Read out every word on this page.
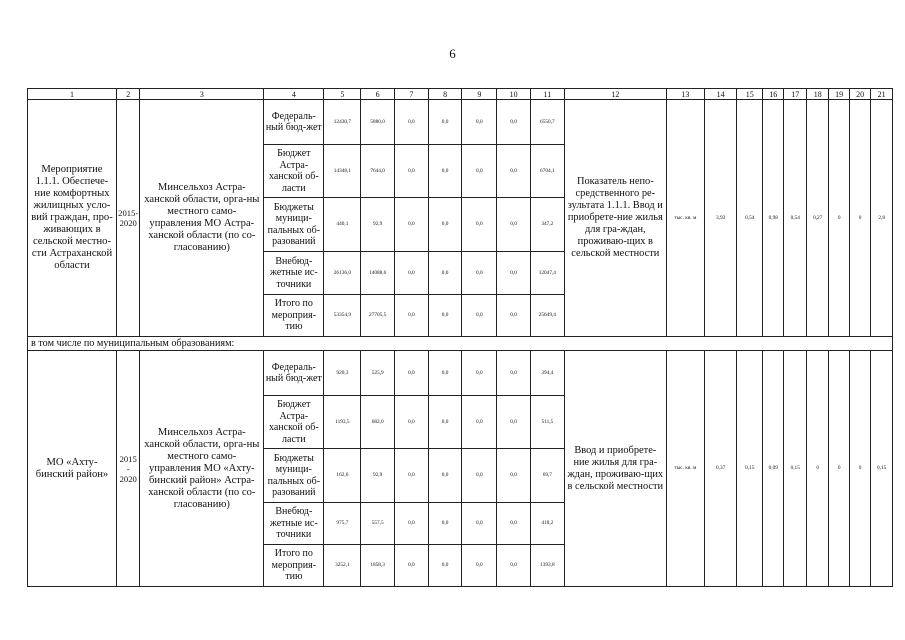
6
1	2	3	4	5	6	7	8	9	10	11	12	13	14	15	16	17	18	19	20	21
Мероприятие 1.1.1. Обеспече-ние комфортных жилищных усло-вий граждан, про-живающих в сельской местно-сти Астраханской области	2015-2020	Минсельхоз Астра-ханской области, орга-ны местного само-управления МО Астра-ханской области (по со-гласованию)	Федераль-ный бюд-жет	12430,7	5880,0	0,0	0,0	0,0	0,0	6550,7	Показатель непо-средственного ре-зультата 1.1.1. Ввод и приобрете-ние жилья для гра-ждан, проживаю-щих в сельской местности	тыс. кв. м	3,93	0,54	0,98	0,54	0,27	0	0	2,8
			Бюджет Астра-ханской об-ласти	14348,1	7644,0	0,0	0,0	0,0	0,0	6704,1										
			Бюджеты муници-пальных об-разований	440,1	92,9	0,0	0,0	0,0	0,0	347,2										
			Внебюд-жетные ис-точники	26136,0	14088,6	0,0	0,0	0,0	0,0	12047,4										
			Итого по мероприя-тию	53354,9	27705,5	0,0	0,0	0,0	0,0	25649,4										
в том числе по муниципальным образованиям:																				
МО «Ахту-бинский район»	2015 - 2020	Минсельхоз Астра-ханской области, орга-ны местного само-управления МО «Ахту-бинский район» Астра-ханской области (по со-гласованию)	Федераль-ный бюд-жет	920,3	525,9	0,0	0,0	0,0	0,0	394,4	Ввод и приобрете-ние жилья для гра-ждан, проживаю-щих в сельской местности	тыс. кв. м	0,37	0,15	0,09	0,15	0	0	0	0,15
			Бюджет Астра-ханской об-ласти	1193,5	682,0	0,0	0,0	0,0	0,0	511,5										
			Бюджеты муници-пальных об-разований	162,6	92,9	0,0	0,0	0,0	0,0	69,7										
			Внебюд-жетные ис-точники	975,7	557,5	0,0	0,0	0,0	0,0	418,2										
			Итого по мероприя-тию	3252,1	1858,3	0,0	0,0	0,0	0,0	1393,8										
